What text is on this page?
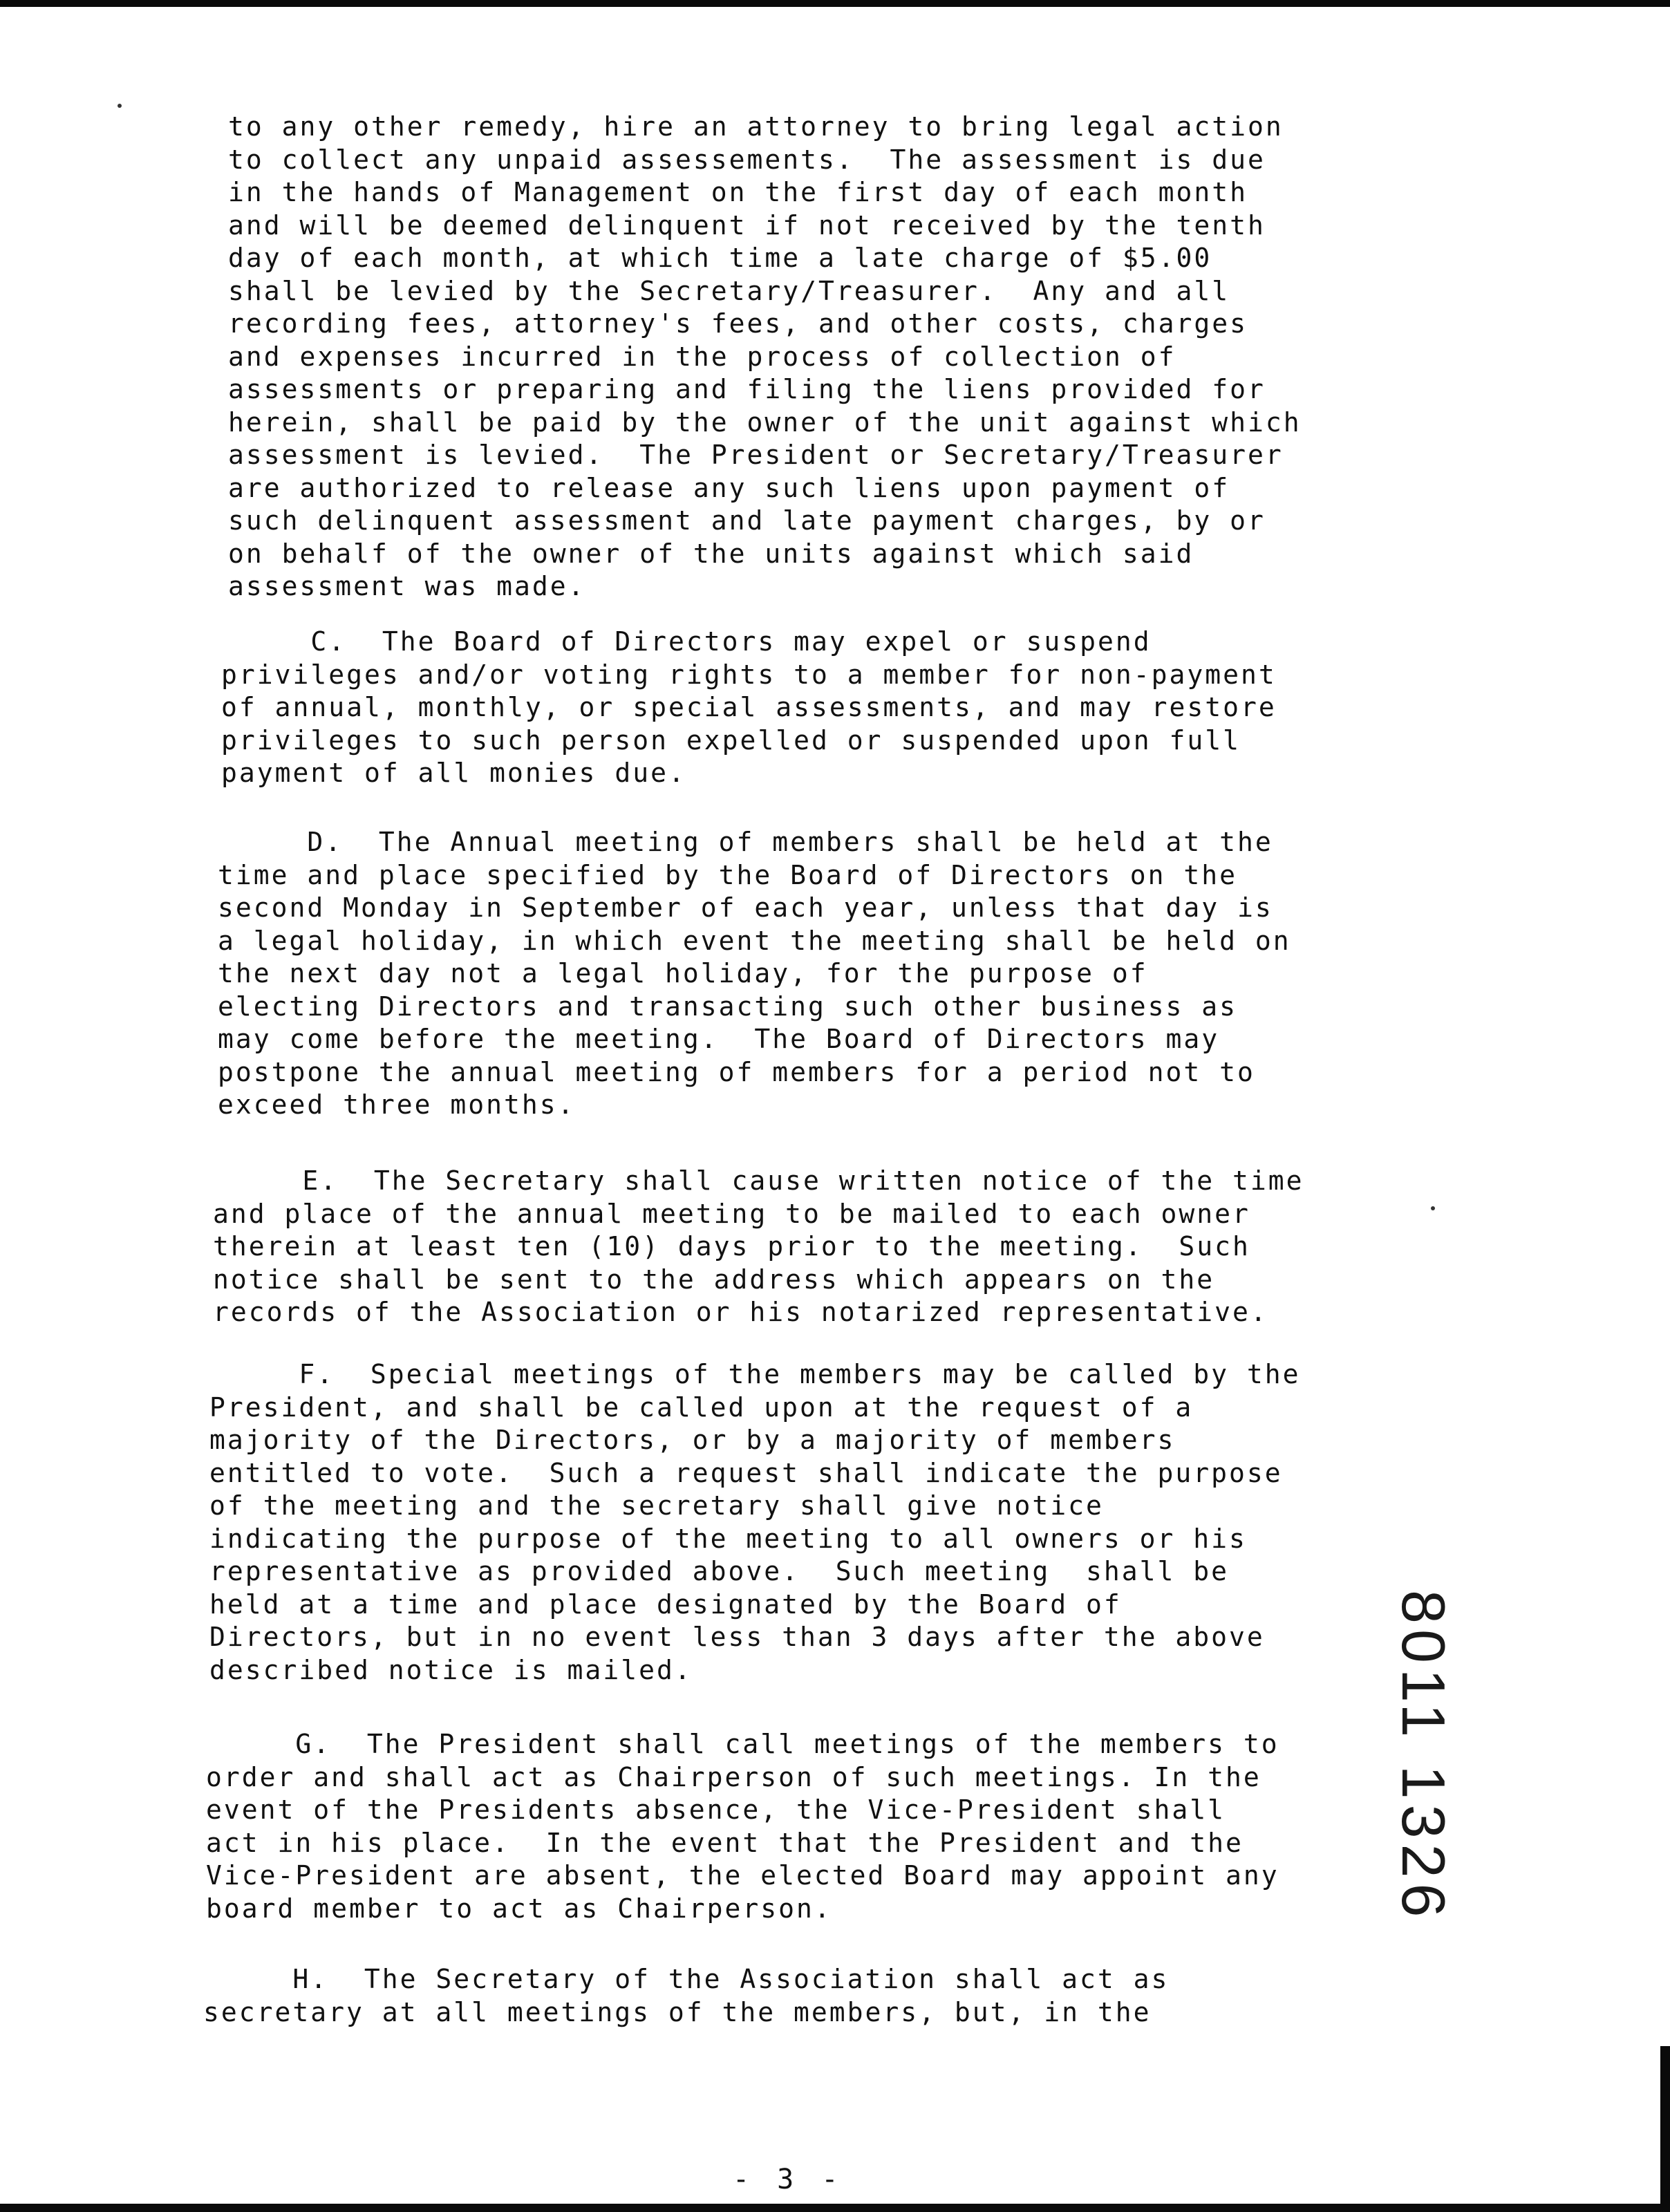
to any other remedy, hire an attorney to bring legal action
to collect any unpaid assessements.  The assessment is due
in the hands of Management on the first day of each month
and will be deemed delinquent if not received by the tenth
day of each month, at which time a late charge of $5.00
shall be levied by the Secretary/Treasurer.  Any and all
recording fees, attorney's fees, and other costs, charges
and expenses incurred in the process of collection of
assessments or preparing and filing the liens provided for
herein, shall be paid by the owner of the unit against which
assessment is levied.  The President or Secretary/Treasurer
are authorized to release any such liens upon payment of
such delinquent assessment and late payment charges, by or
on behalf of the owner of the units against which said
assessment was made.
C.  The Board of Directors may expel or suspend
privileges and/or voting rights to a member for non-payment
of annual, monthly, or special assessments, and may restore
privileges to such person expelled or suspended upon full
payment of all monies due.
D.  The Annual meeting of members shall be held at the
time and place specified by the Board of Directors on the
second Monday in September of each year, unless that day is
a legal holiday, in which event the meeting shall be held on
the next day not a legal holiday, for the purpose of
electing Directors and transacting such other business as
may come before the meeting.  The Board of Directors may
postpone the annual meeting of members for a period not to
exceed three months.
E.  The Secretary shall cause written notice of the time
and place of the annual meeting to be mailed to each owner
therein at least ten (10) days prior to the meeting.  Such
notice shall be sent to the address which appears on the
records of the Association or his notarized representative.
F.  Special meetings of the members may be called by the
President, and shall be called upon at the request of a
majority of the Directors, or by a majority of members
entitled to vote.  Such a request shall indicate the purpose
of the meeting and the secretary shall give notice
indicating the purpose of the meeting to all owners or his
representative as provided above.  Such meeting  shall be
held at a time and place designated by the Board of
Directors, but in no event less than 3 days after the above
described notice is mailed.
G.  The President shall call meetings of the members to
order and shall act as Chairperson of such meetings. In the
event of the Presidents absence, the Vice-President shall
act in his place.  In the event that the President and the
Vice-President are absent, the elected Board may appoint any
board member to act as Chairperson.
H.  The Secretary of the Association shall act as
secretary at all meetings of the members, but, in the
- 3 -
8011 1326
